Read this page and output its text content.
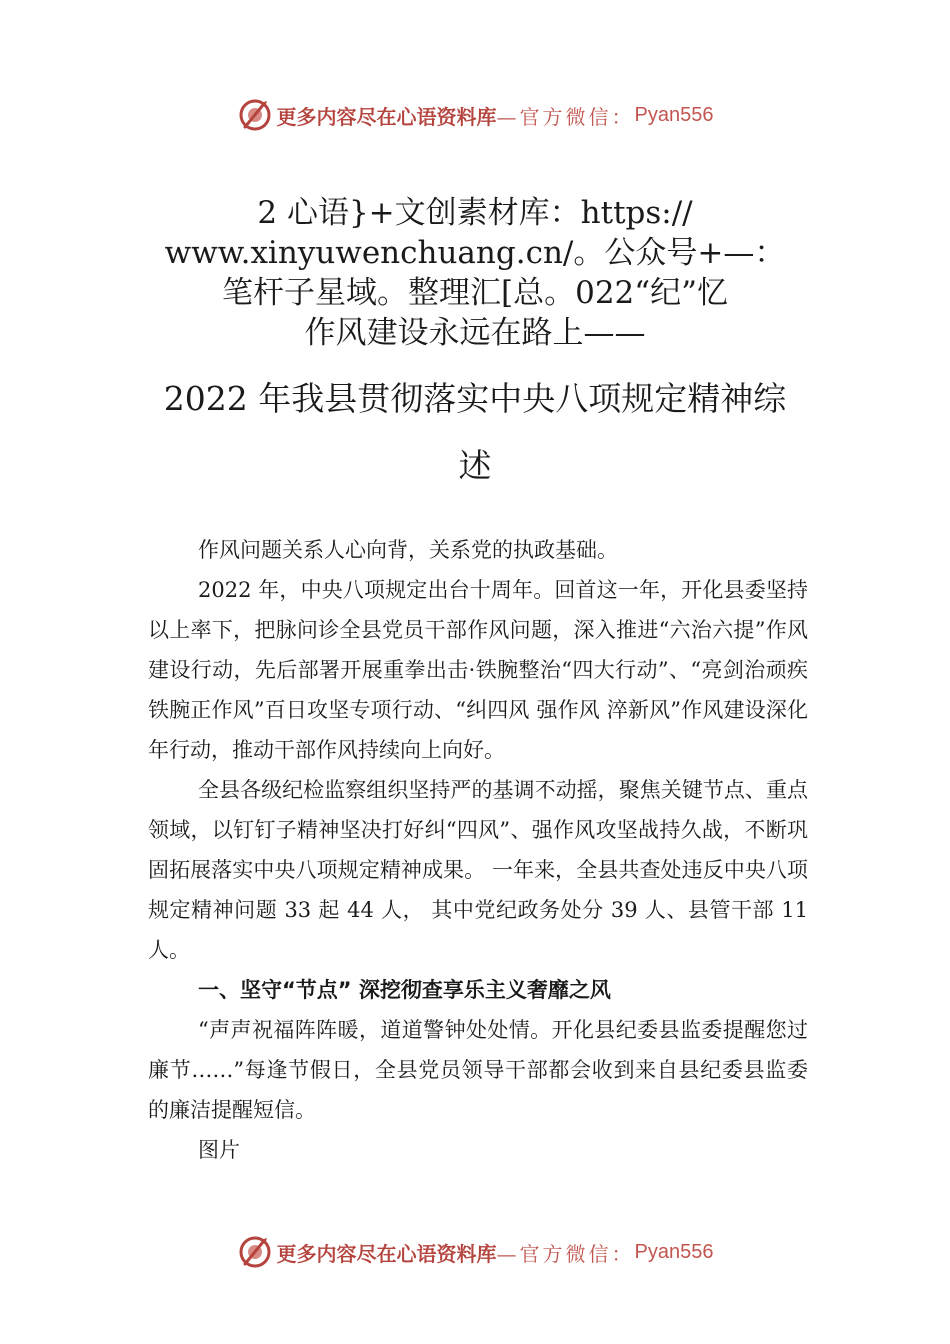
更多内容尽在心语资料库 —官方微信： Pyan556
2 心语}+文创素材库：https://
www.xinyuwenchuang.cn/。公众号+—：
笔杆子星域。整理汇[总。022“纪”忆
作风建设永远在路上——
2022 年我县贯彻落实中央八项规定精神综
述

作风问题关系人心向背，关系党的执政基础。

2022 年，中央八项规定出台十周年。回首这一年，开化县委坚持以上率下，把脉问诊全县党员干部作风问题，深入推进“六治六提”作风建设行动，先后部署开展重拳出击·铁腕整治“四大行动”、“亮剑治顽疾 铁腕正作风”百日攻坚专项行动、“纠四风 强作风 淬新风”作风建设深化年行动，推动干部作风持续向上向好。

全县各级纪检监察组织坚持严的基调不动摇，聚焦关键节点、重点领域，以钉钉子精神坚决打好纠“四风”、强作风攻坚战持久战，不断巩固拓展落实中央八项规定精神成果。 一年来，全县共查处违反中央八项规定精神问题 33 起 44 人， 其中党纪政务处分 39 人、县管干部 11 人。

一、坚守“节点” 深挖彻查享乐主义奢靡之风

“声声祝福阵阵暖，道道警钟处处情。开化县纪委县监委提醒您过廉节……”每逢节假日，全县党员领导干部都会收到来自县纪委县监委的廉洁提醒短信。

图片

更多内容尽在心语资料库 —官方微信： Pyan556
